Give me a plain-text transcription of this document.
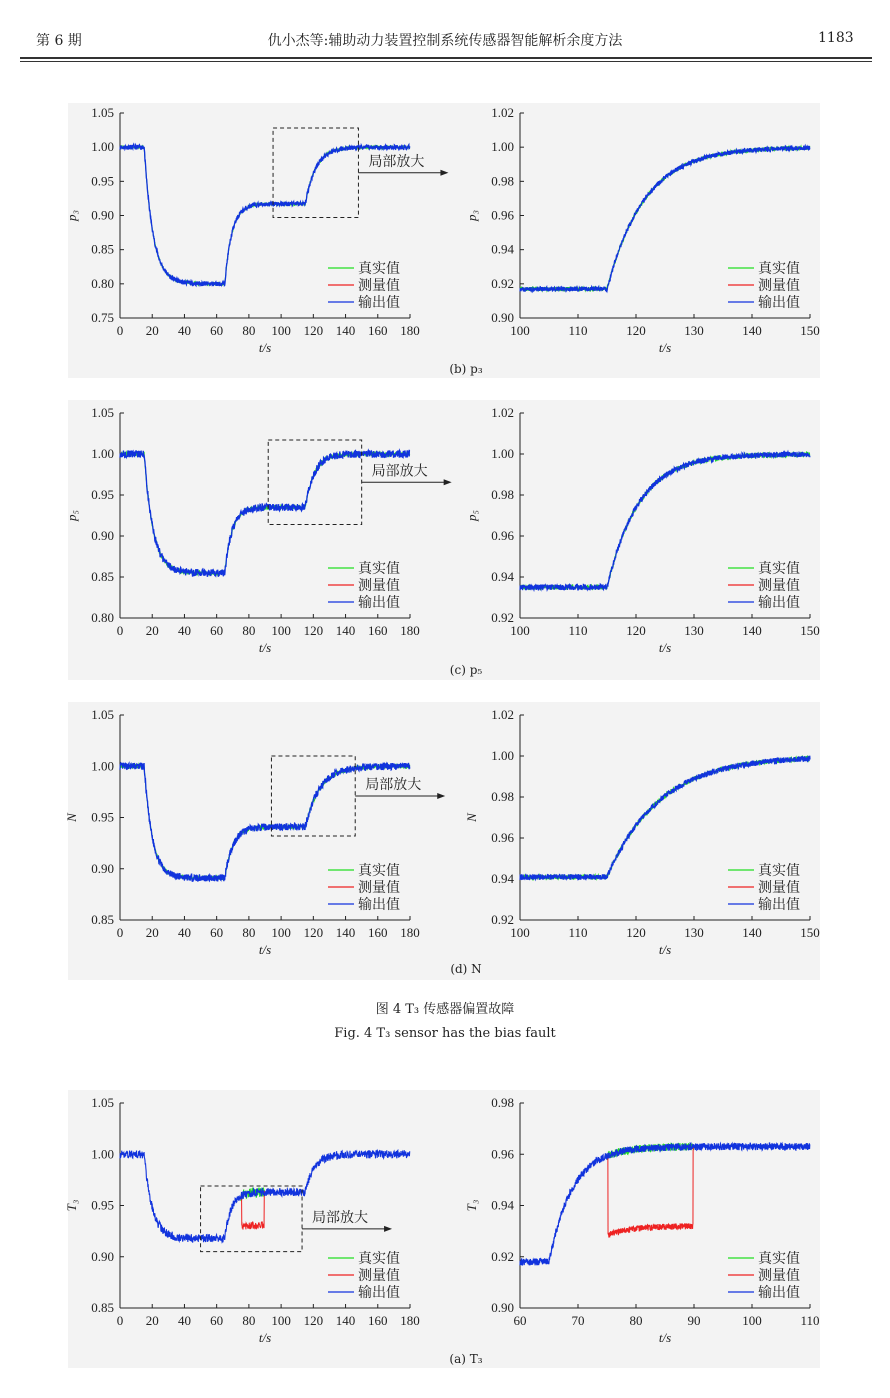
第 6 期	仇小杰等:辅助动力装置控制系统传感器智能解析余度方法	1183
0 20 40 60 80 100 120 140 160 180
0.75
0.80
0.85
0.90
0.95
1.00
1.05
t/s
p₃
真实值
测量值
输出值
局部放大
100	110	120	130	140	150
0.90
0.92
0.94
0.96
0.98
1.00
1.02
t/s
p₃
真实值
测量值
输出值
0 20 40 60 80 100 120 140 160 180
0.80
0.85
0.90
0.95
1.00
1.05
t/s
p₅
真实值
测量值
输出值
局部放大
100	110	120	130	140	150
0.92
0.94
0.96
0.98
1.00
1.02
t/s
p₅
真实值
测量值
输出值
0 20 40 60 80 100 120 140 160 180
0.85
0.90
0.95
1.00
1.05
t/s
N
真实值
测量值
输出值
局部放大
100	110	120	130	140	150
0.92
0.94
0.96
0.98
1.00
1.02
t/s
N
真实值
测量值
输出值
0 20 40 60 80 100 120 140 160 180
0.85
0.90
0.95
1.00
1.05
t/s
T₃
真实值
测量值
输出值
局部放大
60	70	80	90	100	110
0.90
0.92
0.94
0.96
0.98
t/s
T₃
真实值
测量值
输出值
(b) p₃
(c) p₅
(d) N
(a) T₃
图 4 T₃ 传感器偏置故障
Fig. 4 T₃ sensor has the bias fault
